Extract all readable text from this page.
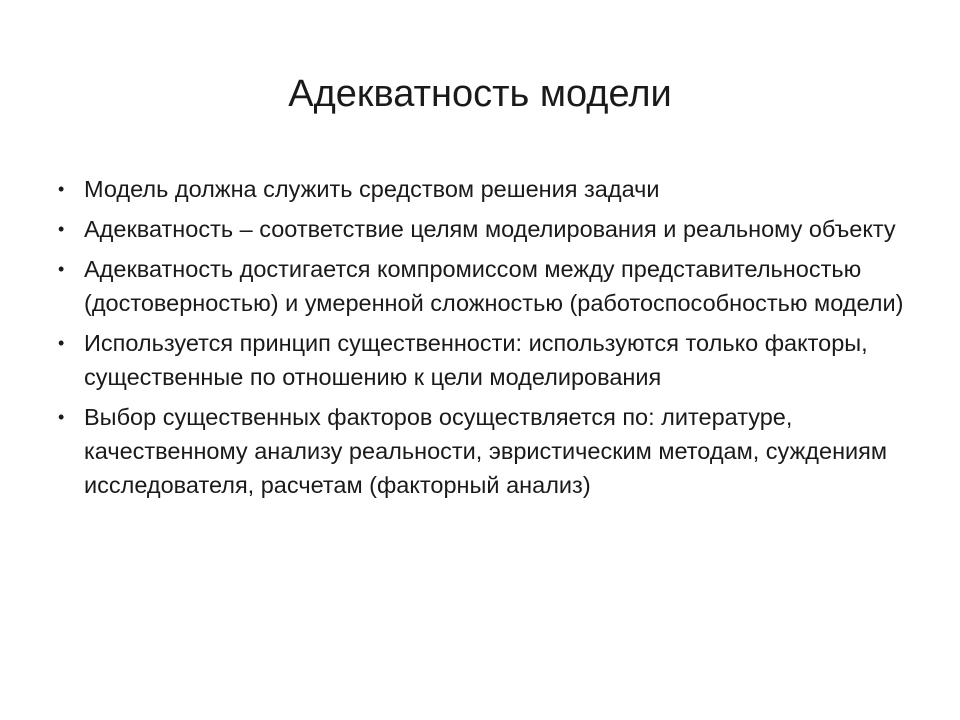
Адекватность модели
• Модель должна служить средством решения задачи
• Адекватность – соответствие целям моделирования и реальному объекту
• Адекватность достигается компромиссом между представительностью (достоверностью) и умеренной сложностью (работоспособностью модели)
• Используется принцип существенности: используются только факторы, существенные по отношению к цели моделирования
• Выбор существенных факторов осуществляется по: литературе, качественному анализу реальности, эвристическим методам, суждениям исследователя, расчетам (факторный анализ)
